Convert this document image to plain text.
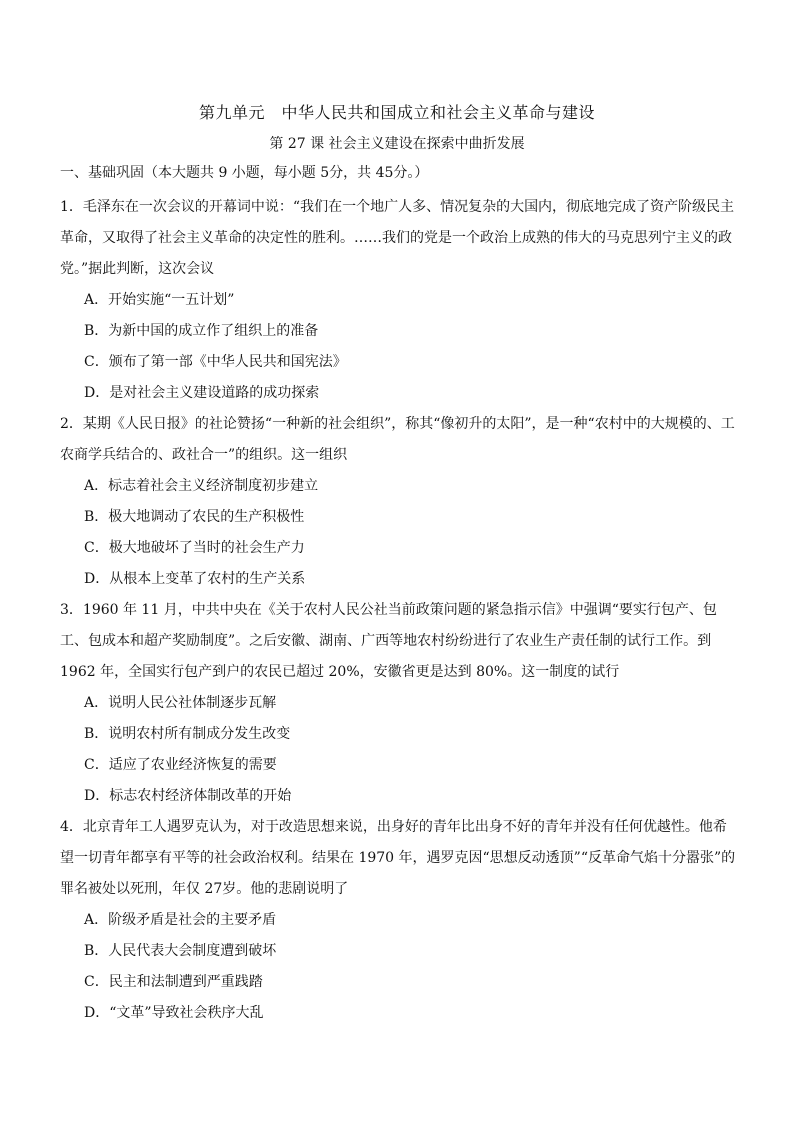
第九单元　中华人民共和国成立和社会主义革命与建设
第 27 课 社会主义建设在探索中曲折发展
一、基础巩固（本大题共 9 小题，每小题 5分，共 45分。）

1．毛泽东在一次会议的开幕词中说：“我们在一个地广人多、情况复杂的大国内，彻底地完成了资产阶级民主革命，又取得了社会主义革命的决定性的胜利。……我们的党是一个政治上成熟的伟大的马克思列宁主义的政党。”据此判断，这次会议

A．开始实施“一五计划”

B．为新中国的成立作了组织上的准备

C．颁布了第一部《中华人民共和国宪法》

D．是对社会主义建设道路的成功探索

2．某期《人民日报》的社论赞扬“一种新的社会组织”，称其“像初升的太阳”，是一种“农村中的大规模的、工农商学兵结合的、政社合一”的组织。这一组织

A．标志着社会主义经济制度初步建立

B．极大地调动了农民的生产积极性

C．极大地破坏了当时的社会生产力

D．从根本上变革了农村的生产关系

3．1960 年 11 月，中共中央在《关于农村人民公社当前政策问题的紧急指示信》中强调“要实行包产、包工、包成本和超产奖励制度”。之后安徽、湖南、广西等地农村纷纷进行了农业生产责任制的试行工作。到 1962 年，全国实行包产到户的农民已超过 20%，安徽省更是达到 80%。这一制度的试行

A．说明人民公社体制逐步瓦解

B．说明农村所有制成分发生改变

C．适应了农业经济恢复的需要

D．标志农村经济体制改革的开始

4．北京青年工人遇罗克认为，对于改造思想来说，出身好的青年比出身不好的青年并没有任何优越性。他希望一切青年都享有平等的社会政治权利。结果在 1970 年，遇罗克因“思想反动透顶”“反革命气焰十分嚣张”的罪名被处以死刑，年仅 27岁。他的悲剧说明了

A．阶级矛盾是社会的主要矛盾

B．人民代表大会制度遭到破坏

C．民主和法制遭到严重践踏

D．“文革”导致社会秩序大乱
